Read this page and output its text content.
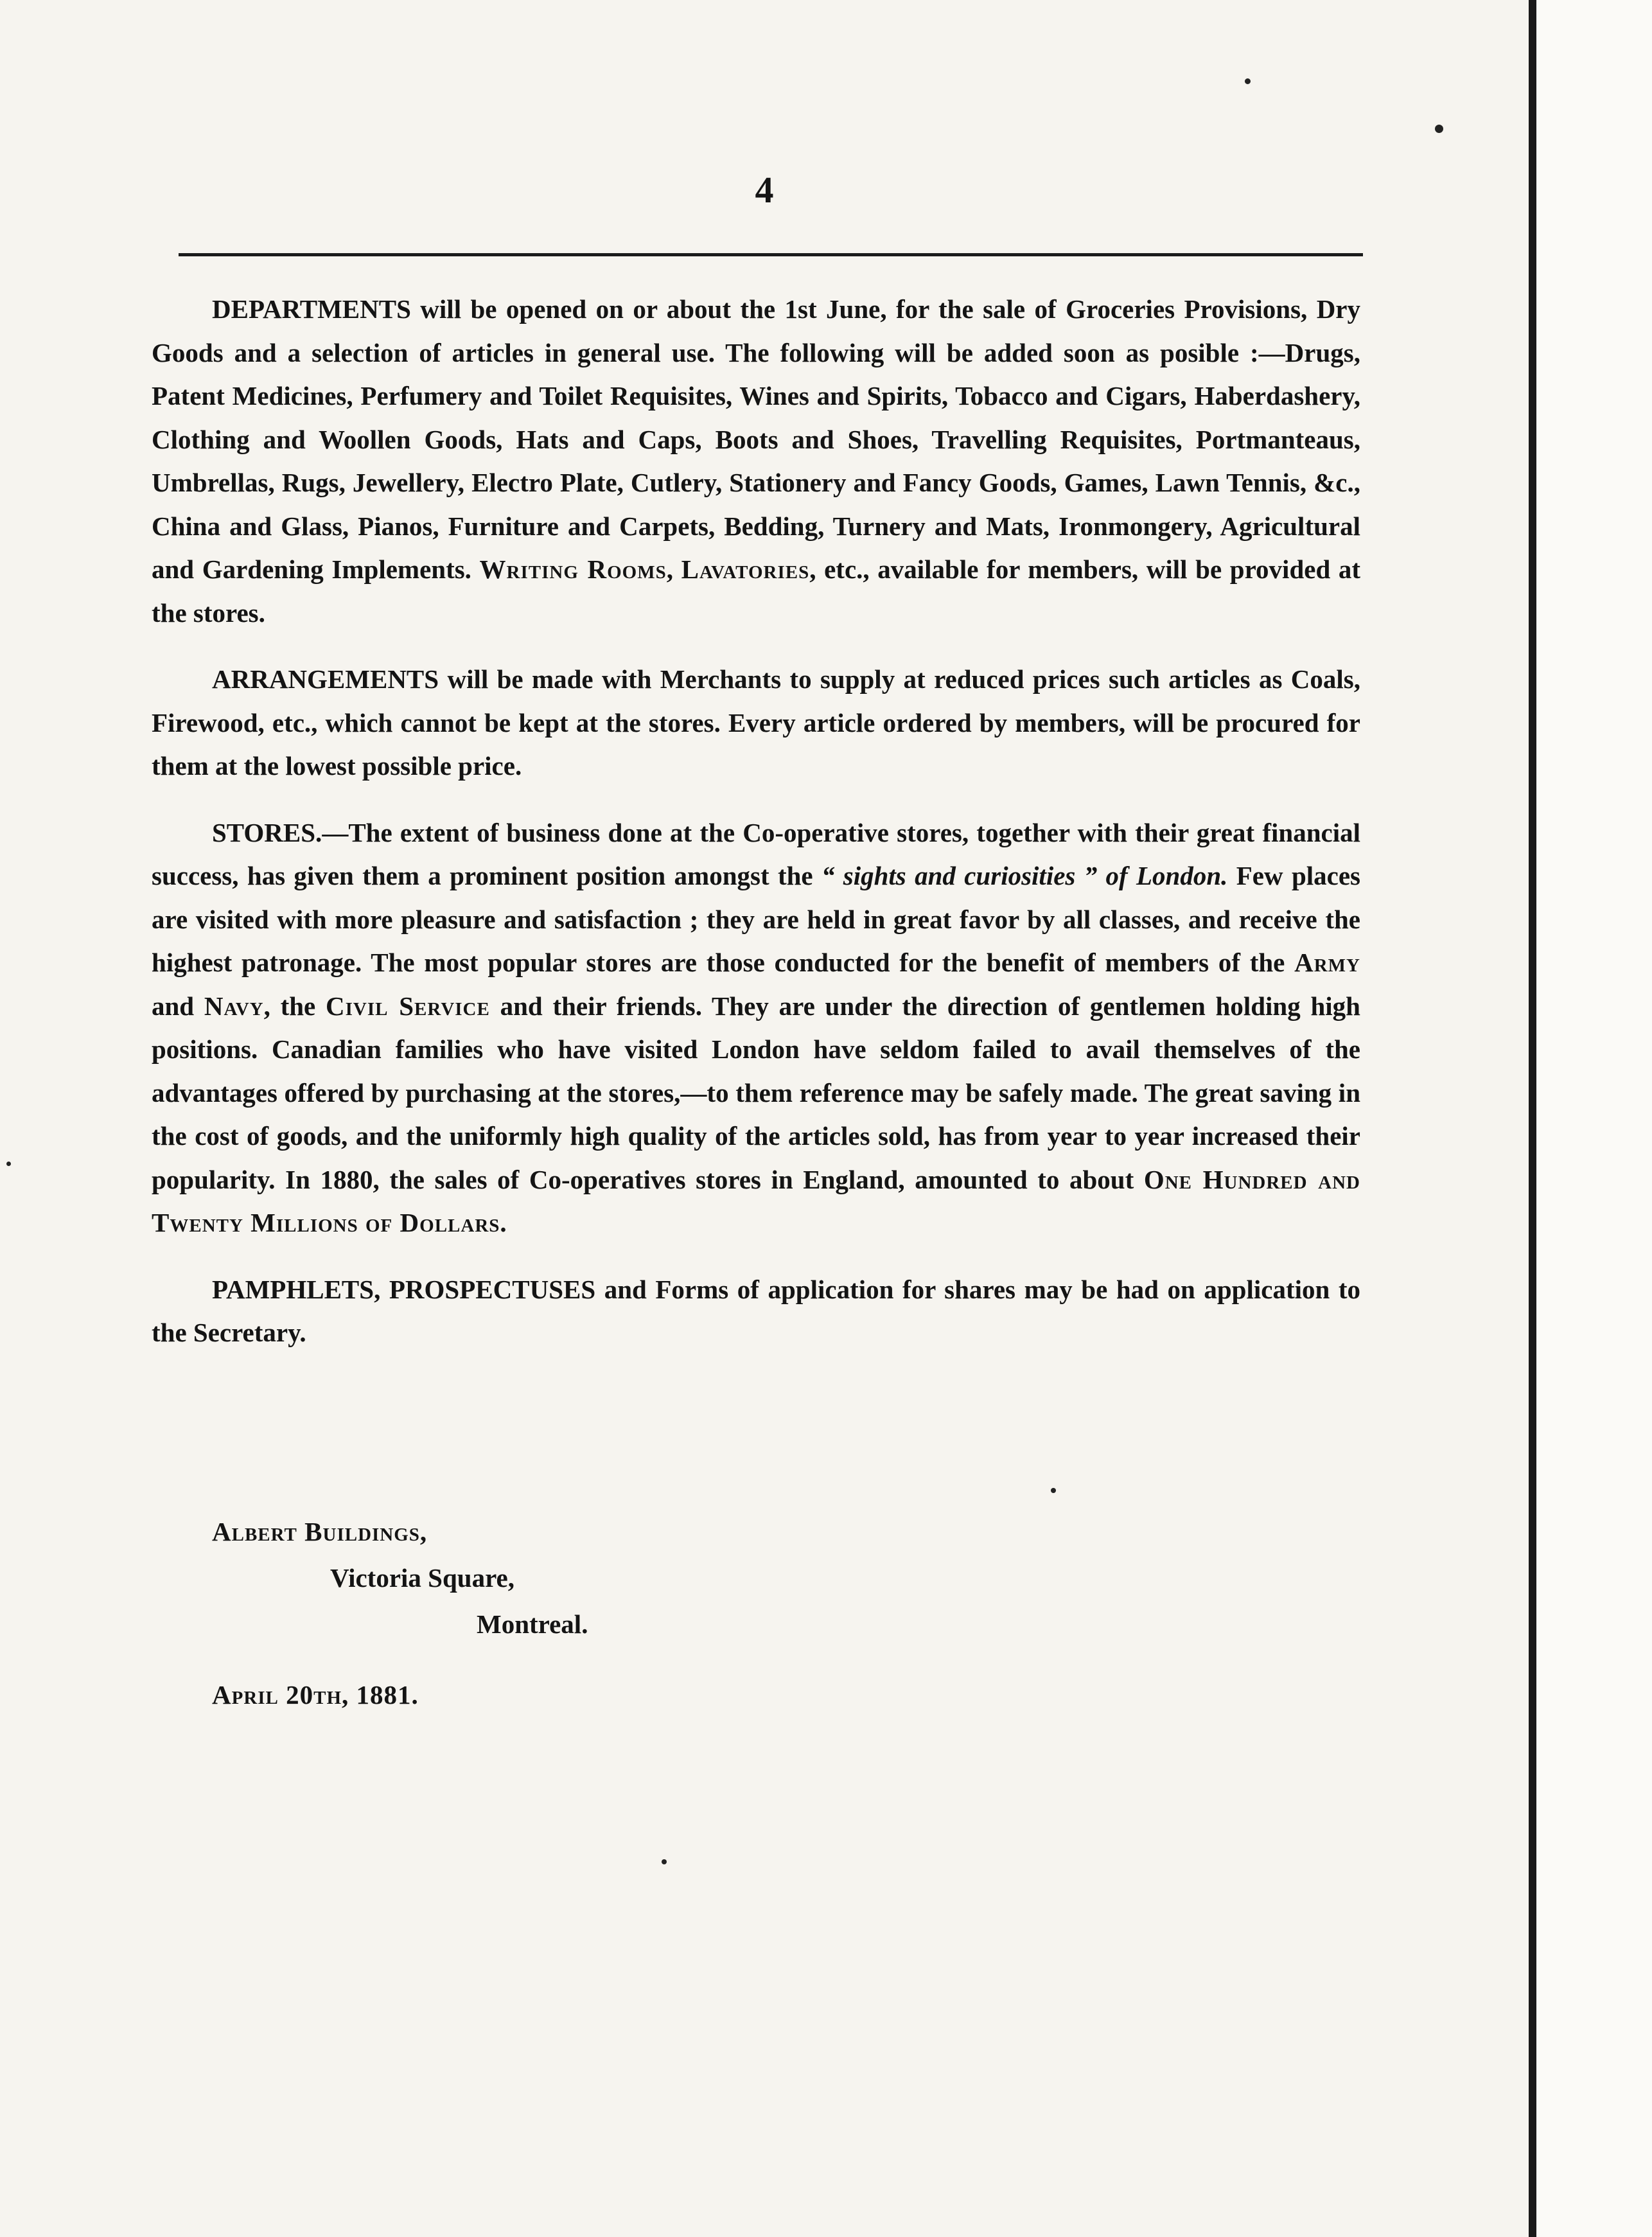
4

DEPARTMENTS will be opened on or about the 1st June, for the sale of Groceries Provisions, Dry Goods and a selection of articles in general use. The following will be added soon as posible :—Drugs, Patent Medicines, Perfumery and Toilet Requisites, Wines and Spirits, Tobacco and Cigars, Haberdashery, Clothing and Woollen Goods, Hats and Caps, Boots and Shoes, Travelling Requisites, Portmanteaus, Umbrellas, Rugs, Jewellery, Electro Plate, Cutlery, Stationery and Fancy Goods, Games, Lawn Tennis, &c., China and Glass, Pianos, Furniture and Carpets, Bedding, Turnery and Mats, Ironmongery, Agricultural and Gardening Implements. Writing Rooms, Lavatories, etc., available for members, will be provided at the stores.

ARRANGEMENTS will be made with Merchants to supply at reduced prices such articles as Coals, Firewood, etc., which cannot be kept at the stores. Every article ordered by members, will be procured for them at the lowest possible price.

STORES.—The extent of business done at the Co-operative stores, together with their great financial success, has given them a prominent position amongst the “ sights and curiosities ” of London. Few places are visited with more pleasure and satisfaction ; they are held in great favor by all classes, and receive the highest patronage. The most popular stores are those conducted for the benefit of members of the Army and Navy, the Civil Service and their friends. They are under the direction of gentlemen holding high positions. Canadian families who have visited London have seldom failed to avail themselves of the advantages offered by purchasing at the stores,—to them reference may be safely made. The great saving in the cost of goods, and the uniformly high quality of the articles sold, has from year to year increased their popularity. In 1880, the sales of Co-operatives stores in England, amounted to about One Hundred and Twenty Millions of Dollars.

PAMPHLETS, PROSPECTUSES and Forms of application for shares may be had on application to the Secretary.

Albert Buildings,
Victoria Square,
Montreal.
April 20th, 1881.
